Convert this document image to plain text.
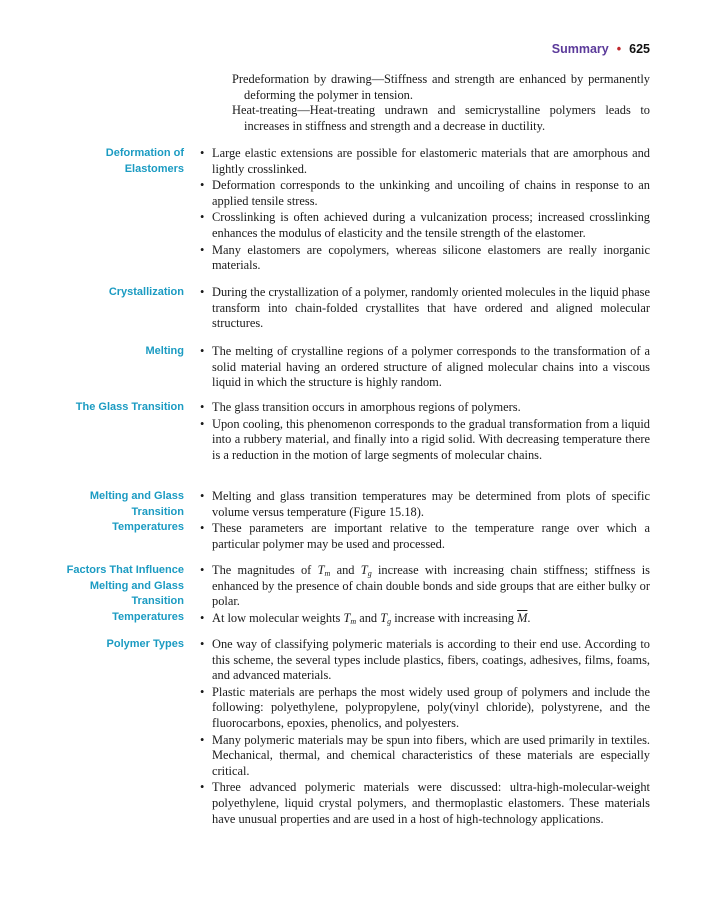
Summary • 625

Predeformation by drawing—Stiffness and strength are enhanced by permanently deforming the polymer in tension.

Heat-treating—Heat-treating undrawn and semicrystalline polymers leads to increases in stiffness and strength and a decrease in ductility.

Deformation of Elastomers
• Large elastic extensions are possible for elastomeric materials that are amorphous and lightly crosslinked.
• Deformation corresponds to the unkinking and uncoiling of chains in response to an applied tensile stress.
• Crosslinking is often achieved during a vulcanization process; increased crosslinking enhances the modulus of elasticity and the tensile strength of the elastomer.
• Many elastomers are copolymers, whereas silicone elastomers are really inorganic materials.
Crystallization	• During the crystallization of a polymer, randomly oriented molecules in the liquid phase transform into chain-folded crystallites that have ordered and aligned molecular structures.
Melting	• The melting of crystalline regions of a polymer corresponds to the transformation of a solid material having an ordered structure of aligned molecular chains into a viscous liquid in which the structure is highly random.
The Glass Transition	• The glass transition occurs in amorphous regions of polymers.
• Upon cooling, this phenomenon corresponds to the gradual transformation from a liquid into a rubbery material, and finally into a rigid solid. With decreasing temperature there is a reduction in the motion of large segments of molecular chains.
Melting and Glass Transition Temperatures
• Melting and glass transition temperatures may be determined from plots of specific volume versus temperature (Figure 15.18).
• These parameters are important relative to the temperature range over which a particular polymer may be used and processed.
Factors That Influence Melting and Glass Transition Temperatures
• The magnitudes of $T_m$ and $T_g$ increase with increasing chain stiffness; stiffness is enhanced by the presence of chain double bonds and side groups that are either bulky or polar.
• At low molecular weights $T_m$ and $T_g$ increase with increasing $\overline{M}$.
Polymer Types	• One way of classifying polymeric materials is according to their end use. According to this scheme, the several types include plastics, fibers, coatings, adhesives, films, foams, and advanced materials.
• Plastic materials are perhaps the most widely used group of polymers and include the following: polyethylene, polypropylene, poly(vinyl chloride), polystyrene, and the fluorocarbons, epoxies, phenolics, and polyesters.
• Many polymeric materials may be spun into fibers, which are used primarily in textiles. Mechanical, thermal, and chemical characteristics of these materials are especially critical.
• Three advanced polymeric materials were discussed: ultra-high-molecular-weight polyethylene, liquid crystal polymers, and thermoplastic elastomers. These materials have unusual properties and are used in a host of high-technology applications.
